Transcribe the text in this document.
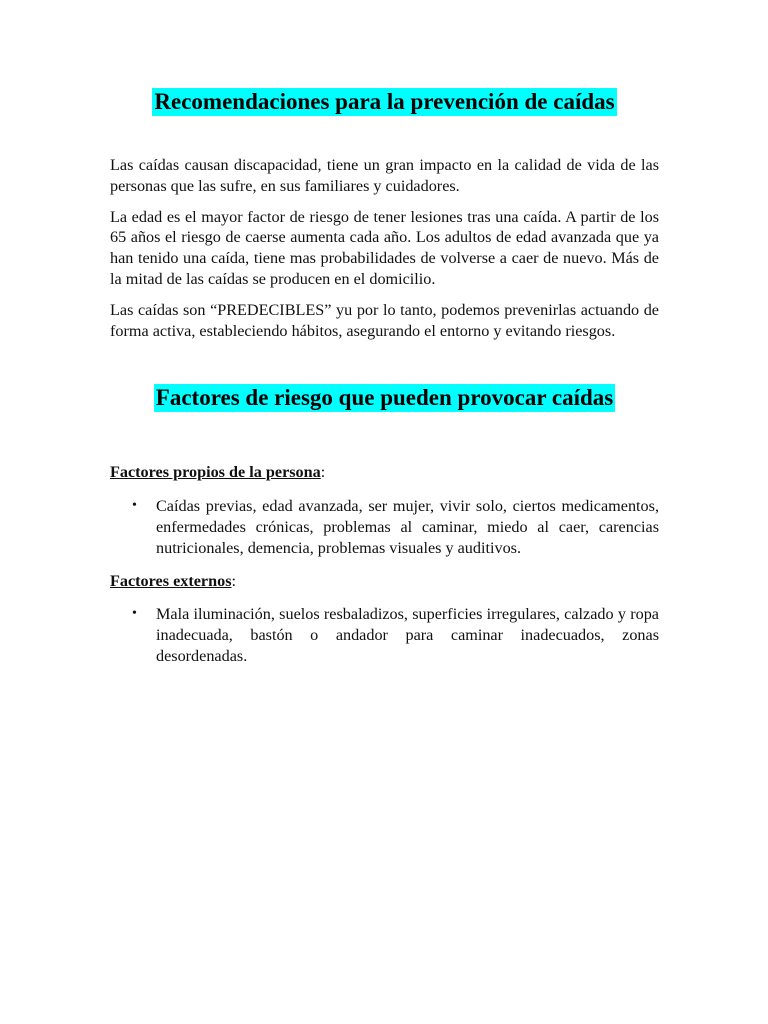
Recomendaciones para la prevención de caídas

Las caídas causan discapacidad, tiene un gran impacto en la calidad de vida de las personas que las sufre, en sus familiares y cuidadores.

La edad es el mayor factor de riesgo de tener lesiones tras una caída. A partir de los 65 años el riesgo de caerse aumenta cada año. Los adultos de edad avanzada que ya han tenido una caída, tiene mas probabilidades de volverse a caer de nuevo. Más de la mitad de las caídas se producen en el domicilio.

Las caídas son “PREDECIBLES” yu por lo tanto, podemos prevenirlas actuando de forma activa, estableciendo hábitos, asegurando el entorno y evitando riesgos.

Factores de riesgo que pueden provocar caídas

Factores propios de la persona:

• Caídas previas, edad avanzada, ser mujer, vivir solo, ciertos medicamentos, enfermedades crónicas, problemas al caminar, miedo al caer, carencias nutricionales, demencia, problemas visuales y auditivos.

Factores externos:

• Mala iluminación, suelos resbaladizos, superficies irregulares, calzado y ropa inadecuada, bastón o andador para caminar inadecuados, zonas desordenadas.
